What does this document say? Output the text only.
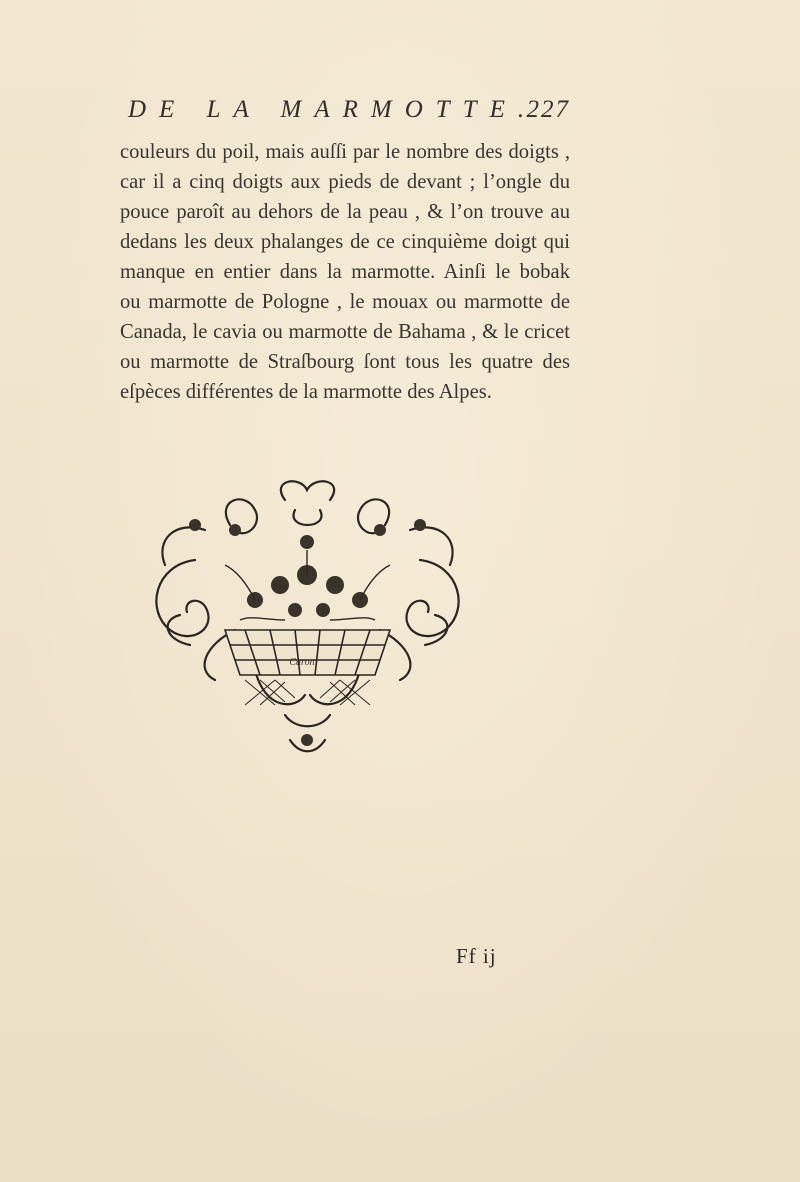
DE LA MARMOTTE.
227
couleurs du poil, mais auſſi par le nombre des doigts ,
car il a cinq doigts aux pieds de devant ; l’ongle du
pouce paroît au dehors de la peau , & l’on trouve au
dedans les deux phalanges de ce cinquième doigt qui
manque en entier dans la marmotte. Ainſi le bobak
ou marmotte de Pologne , le mouax ou marmotte de
Canada, le cavia ou marmotte de Bahama , & le cricet
ou marmotte de Straſbourg ſont tous les quatre des
eſpèces différentes de la marmotte des Alpes.
Caron
Ff ij
